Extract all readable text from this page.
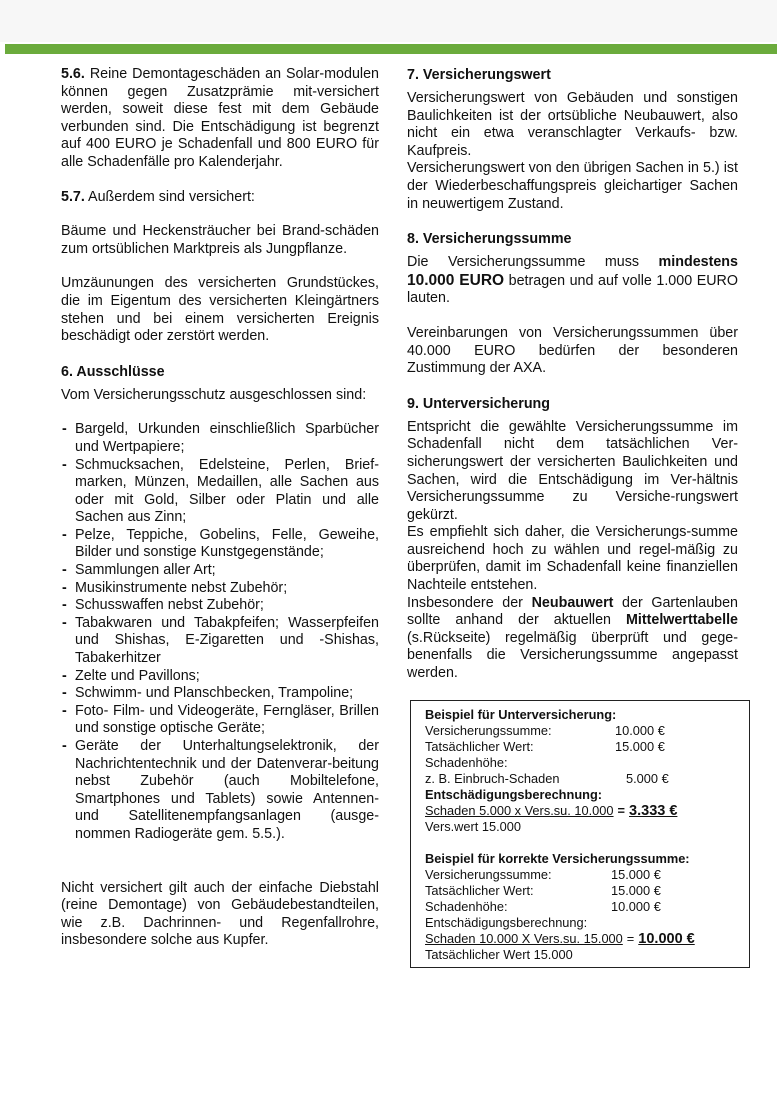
5.6. Reine Demontageschäden an Solar-modulen können gegen Zusatzprämie mit-versichert werden, soweit diese fest mit dem Gebäude verbunden sind. Die Entschädigung ist begrenzt auf 400 EURO je Schadenfall und 800 EURO für alle Schadenfälle pro Kalenderjahr.

5.7. Außerdem sind versichert:

Bäume und Heckensträucher bei Brand-schäden zum ortsüblichen Marktpreis als Jungpflanze.

Umzäunungen des versicherten Grundstückes, die im Eigentum des versicherten Kleingärtners stehen und bei einem versicherten Ereignis beschädigt oder zerstört werden.

6. Ausschlüsse

Vom Versicherungsschutz ausgeschlossen sind:

- Bargeld, Urkunden einschließlich Sparbücher und Wertpapiere;
- Schmucksachen, Edelsteine, Perlen, Brief-marken, Münzen, Medaillen, alle Sachen aus oder mit Gold, Silber oder Platin und alle Sachen aus Zinn;
- Pelze, Teppiche, Gobelins, Felle, Geweihe, Bilder und sonstige Kunstgegenstände;
- Sammlungen aller Art;
- Musikinstrumente nebst Zubehör;
- Schusswaffen nebst Zubehör;
- Tabakwaren und Tabakpfeifen; Wasserpfeifen und Shishas, E-Zigaretten und -Shishas, Tabakerhitzer
- Zelte und Pavillons;
- Schwimm- und Planschbecken, Trampoline;
- Foto- Film- und Videogeräte, Ferngläser, Brillen und sonstige optische Geräte;
- Geräte der Unterhaltungselektronik, der Nachrichtentechnik und der Datenverar-beitung nebst Zubehör (auch Mobiltelefone, Smartphones und Tablets) sowie Antennen- und Satellitenempfangsanlagen (ausge-nommen Radiogeräte gem. 5.5.).

Nicht versichert gilt auch der einfache Diebstahl (reine Demontage) von Gebäudebestandteilen, wie z.B. Dachrinnen- und Regenfallrohre, insbesondere solche aus Kupfer.

7. Versicherungswert

Versicherungswert von Gebäuden und sonstigen Baulichkeiten ist der ortsübliche Neubauwert, also nicht ein etwa veranschlagter Verkaufs- bzw. Kaufpreis.

Versicherungswert von den übrigen Sachen in 5.) ist der Wiederbeschaffungspreis gleichartiger Sachen in neuwertigem Zustand.

8. Versicherungssumme

Die Versicherungssumme muss mindestens 10.000 EURO betragen und auf volle 1.000 EURO lauten.

Vereinbarungen von Versicherungssummen über 40.000 EURO bedürfen der besonderen Zustimmung der AXA.

9. Unterversicherung

Entspricht die gewählte Versicherungssumme im Schadenfall nicht dem tatsächlichen Ver-sicherungswert der versicherten Baulichkeiten und Sachen, wird die Entschädigung im Ver-hältnis Versicherungssumme zu Versiche-rungswert gekürzt.

Es empfiehlt sich daher, die Versicherungs-summe ausreichend hoch zu wählen und regel-mäßig zu überprüfen, damit im Schadenfall keine finanziellen Nachteile entstehen.

Insbesondere der Neubauwert der Gartenlauben sollte anhand der aktuellen Mittelwerttabelle (s.Rückseite) regelmäßig überprüft und gege-benenfalls die Versicherungssumme angepasst werden.

Beispiel für Unterversicherung:
Versicherungssumme:	10.000 €
Tatsächlicher Wert:	15.000 €
Schadenhöhe:
z. B. Einbruch-Schaden	5.000 €
Entschädigungsberechnung:
Schaden 5.000 x Vers.su. 10.000 = 3.333 €
Vers.wert 15.000
Beispiel für korrekte Versicherungssumme:
Versicherungssumme:	15.000 €
Tatsächlicher Wert:	15.000 €
Schadenhöhe:	10.000 €
Entschädigungsberechnung:
Schaden 10.000 X Vers.su. 15.000 = 10.000 €
Tatsächlicher Wert 15.000
